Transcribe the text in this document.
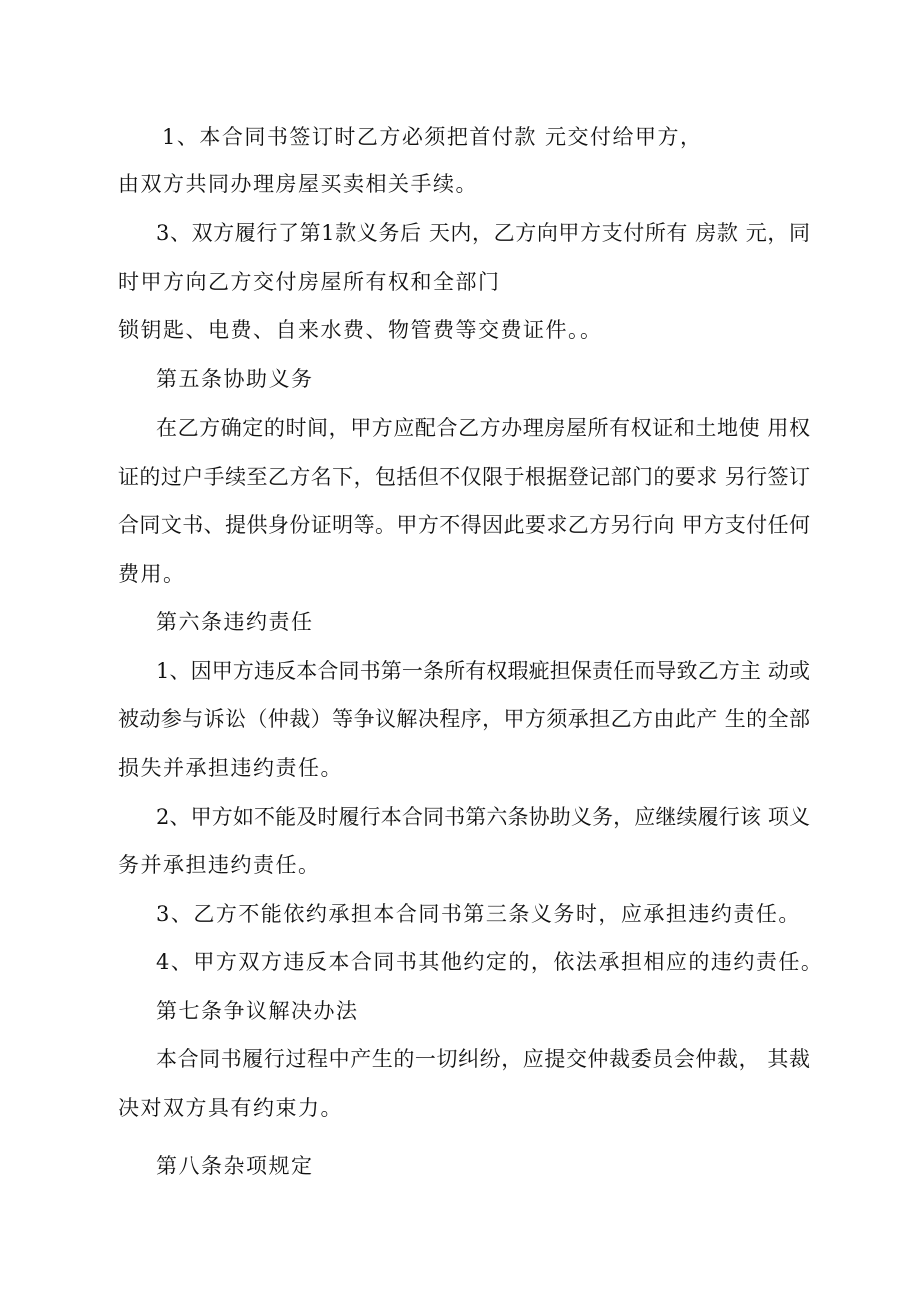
1、本合同书签订时乙方必须把首付款 元交付给甲方，
由双方共同办理房屋买卖相关手续。
3、双方履行了第1款义务后 天内，乙方向甲方支付所有 房款 元，同
时甲方向乙方交付房屋所有权和全部门
锁钥匙、电费、自来水费、物管费等交费证件。。
第五条协助义务
在乙方确定的时间，甲方应配合乙方办理房屋所有权证和土地使 用权
证的过户手续至乙方名下，包括但不仅限于根据登记部门的要求 另行签订
合同文书、提供身份证明等。甲方不得因此要求乙方另行向 甲方支付任何
费用。
第六条违约责任
1、因甲方违反本合同书第一条所有权瑕疵担保责任而导致乙方主 动或
被动参与诉讼（仲裁）等争议解决程序，甲方须承担乙方由此产 生的全部
损失并承担违约责任。
2、甲方如不能及时履行本合同书第六条协助义务，应继续履行该 项义
务并承担违约责任。
3、乙方不能依约承担本合同书第三条义务时，应承担违约责任。
4、甲方双方违反本合同书其他约定的，依法承担相应的违约责任。
第七条争议解决办法
本合同书履行过程中产生的一切纠纷，应提交仲裁委员会仲裁， 其裁
决对双方具有约束力。
第八条杂项规定
